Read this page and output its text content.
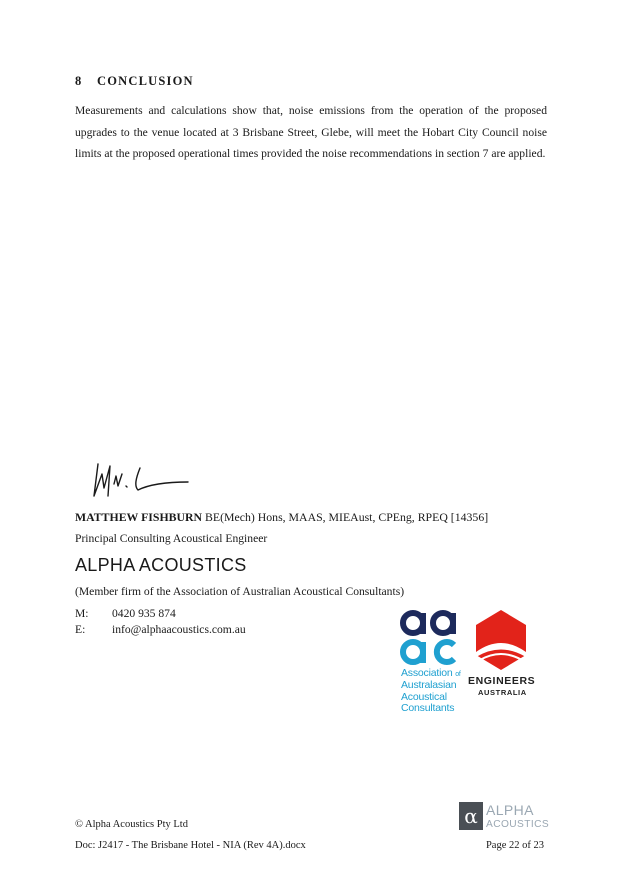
8 CONCLUSION
Measurements and calculations show that, noise emissions from the operation of the proposed upgrades to the venue located at 3 Brisbane Street, Glebe, will meet the Hobart City Council noise limits at the proposed operational times provided the noise recommendations in section 7 are applied.
MATTHEW FISHBURN BE(Mech) Hons, MAAS, MIEAust, CPEng, RPEQ [14356]
Principal Consulting Acoustical Engineer
ALPHA ACOUSTICS
(Member firm of the Association of Australian Acoustical Consultants)
M: 0420 935 874
E: info@alphaacoustics.com.au
Association of
Australasian
Acoustical
Consultants
ENGINEERS
AUSTRALIA
α ALPHA
ACOUSTICS
© Alpha Acoustics Pty Ltd
Doc: J2417 - The Brisbane Hotel - NIA (Rev 4A).docx	Page 22 of 23
